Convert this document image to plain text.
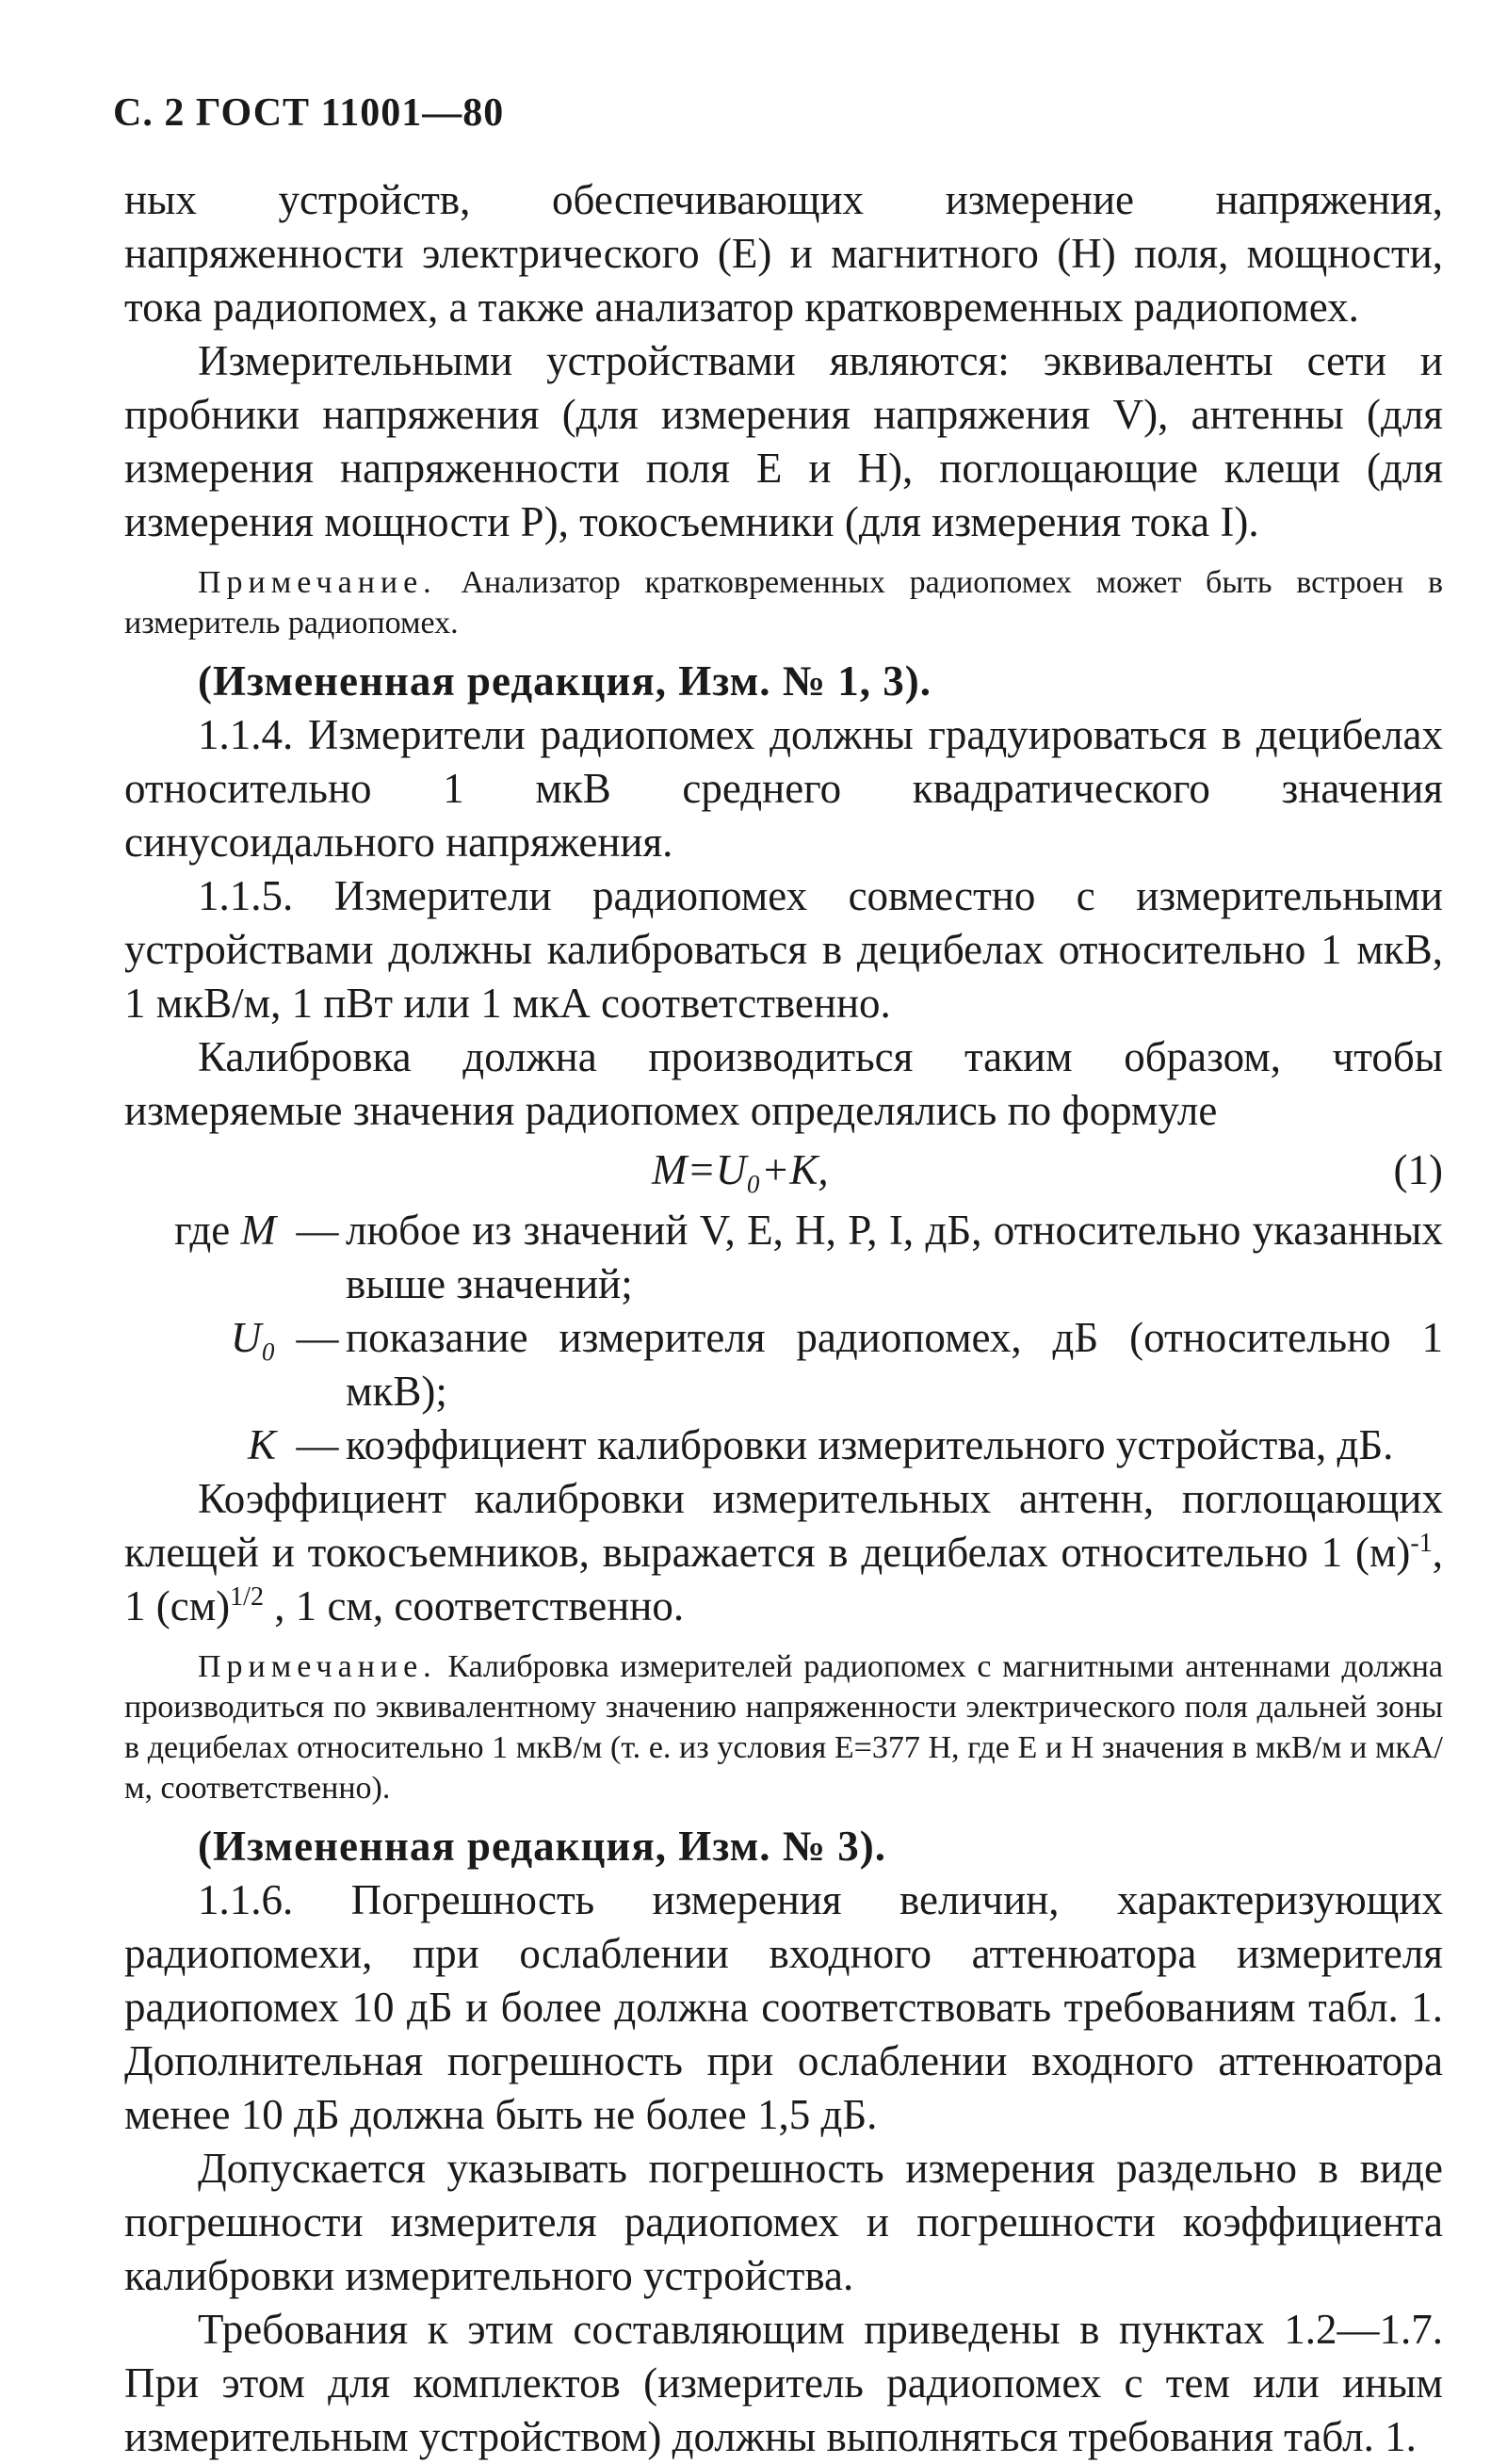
С. 2 ГОСТ 11001—80

ных устройств, обеспечивающих измерение напряжения, напряженности электрического (E) и магнитного (H) поля, мощности, тока радиопомех, а также анализатор кратковременных радиопомех.

Измерительными устройствами являются: эквиваленты сети и пробники напряжения (для измерения напряжения V), антенны (для измерения напряженности поля E и H), поглощающие клещи (для измерения мощности P), токосъемники (для измерения тока I).

Примечание. Анализатор кратковременных радиопомех может быть встроен в измеритель радиопомех.

(Измененная редакция, Изм. № 1, 3).

1.1.4. Измерители радиопомех должны градуироваться в децибелах относительно 1 мкВ среднего квадратического значения синусоидального напряжения.

1.1.5. Измерители радиопомех совместно с измерительными устройствами должны калиброваться в децибелах относительно 1 мкВ, 1 мкВ/м, 1 пВт или 1 мкА соответственно.

Калибровка должна производиться таким образом, чтобы измеряемые значения радиопомех определялись по формуле

M=U₀+K,	(1)
где M — любое из значений V, E, H, P, I, дБ, относительно указанных выше значений;
U₀ — показание измерителя радиопомех, дБ (относительно 1 мкВ);
K — коэффициент калибровки измерительного устройства, дБ.

Коэффициент калибровки измерительных антенн, поглощающих клещей и токосъемников, выражается в децибелах относительно 1 $(м)^{-1}$, 1 (см)$^{1/2}$ , 1 см, соответственно.

Примечание. Калибровка измерителей радиопомех с магнитными антеннами должна производиться по эквивалентному значению напряженности электрического поля дальней зоны в децибелах относительно 1 мкВ/м (т. е. из условия E=377 H, где E и H значения в мкВ/м и мкА/м, соответственно).

(Измененная редакция, Изм. № 3).

1.1.6. Погрешность измерения величин, характеризующих радиопомехи, при ослаблении входного аттенюатора измерителя радиопомех 10 дБ и более должна соответствовать требованиям табл. 1. Дополнительная погрешность при ослаблении входного аттенюатора менее 10 дБ должна быть не более 1,5 дБ.

Допускается указывать погрешность измерения раздельно в виде погрешности измерителя радиопомех и погрешности коэффициента калибровки измерительного устройства.

Требования к этим составляющим приведены в пунктах 1.2—1.7. При этом для комплектов (измеритель радиопомех с тем или иным измерительным устройством) должны выполняться требования табл. 1.
